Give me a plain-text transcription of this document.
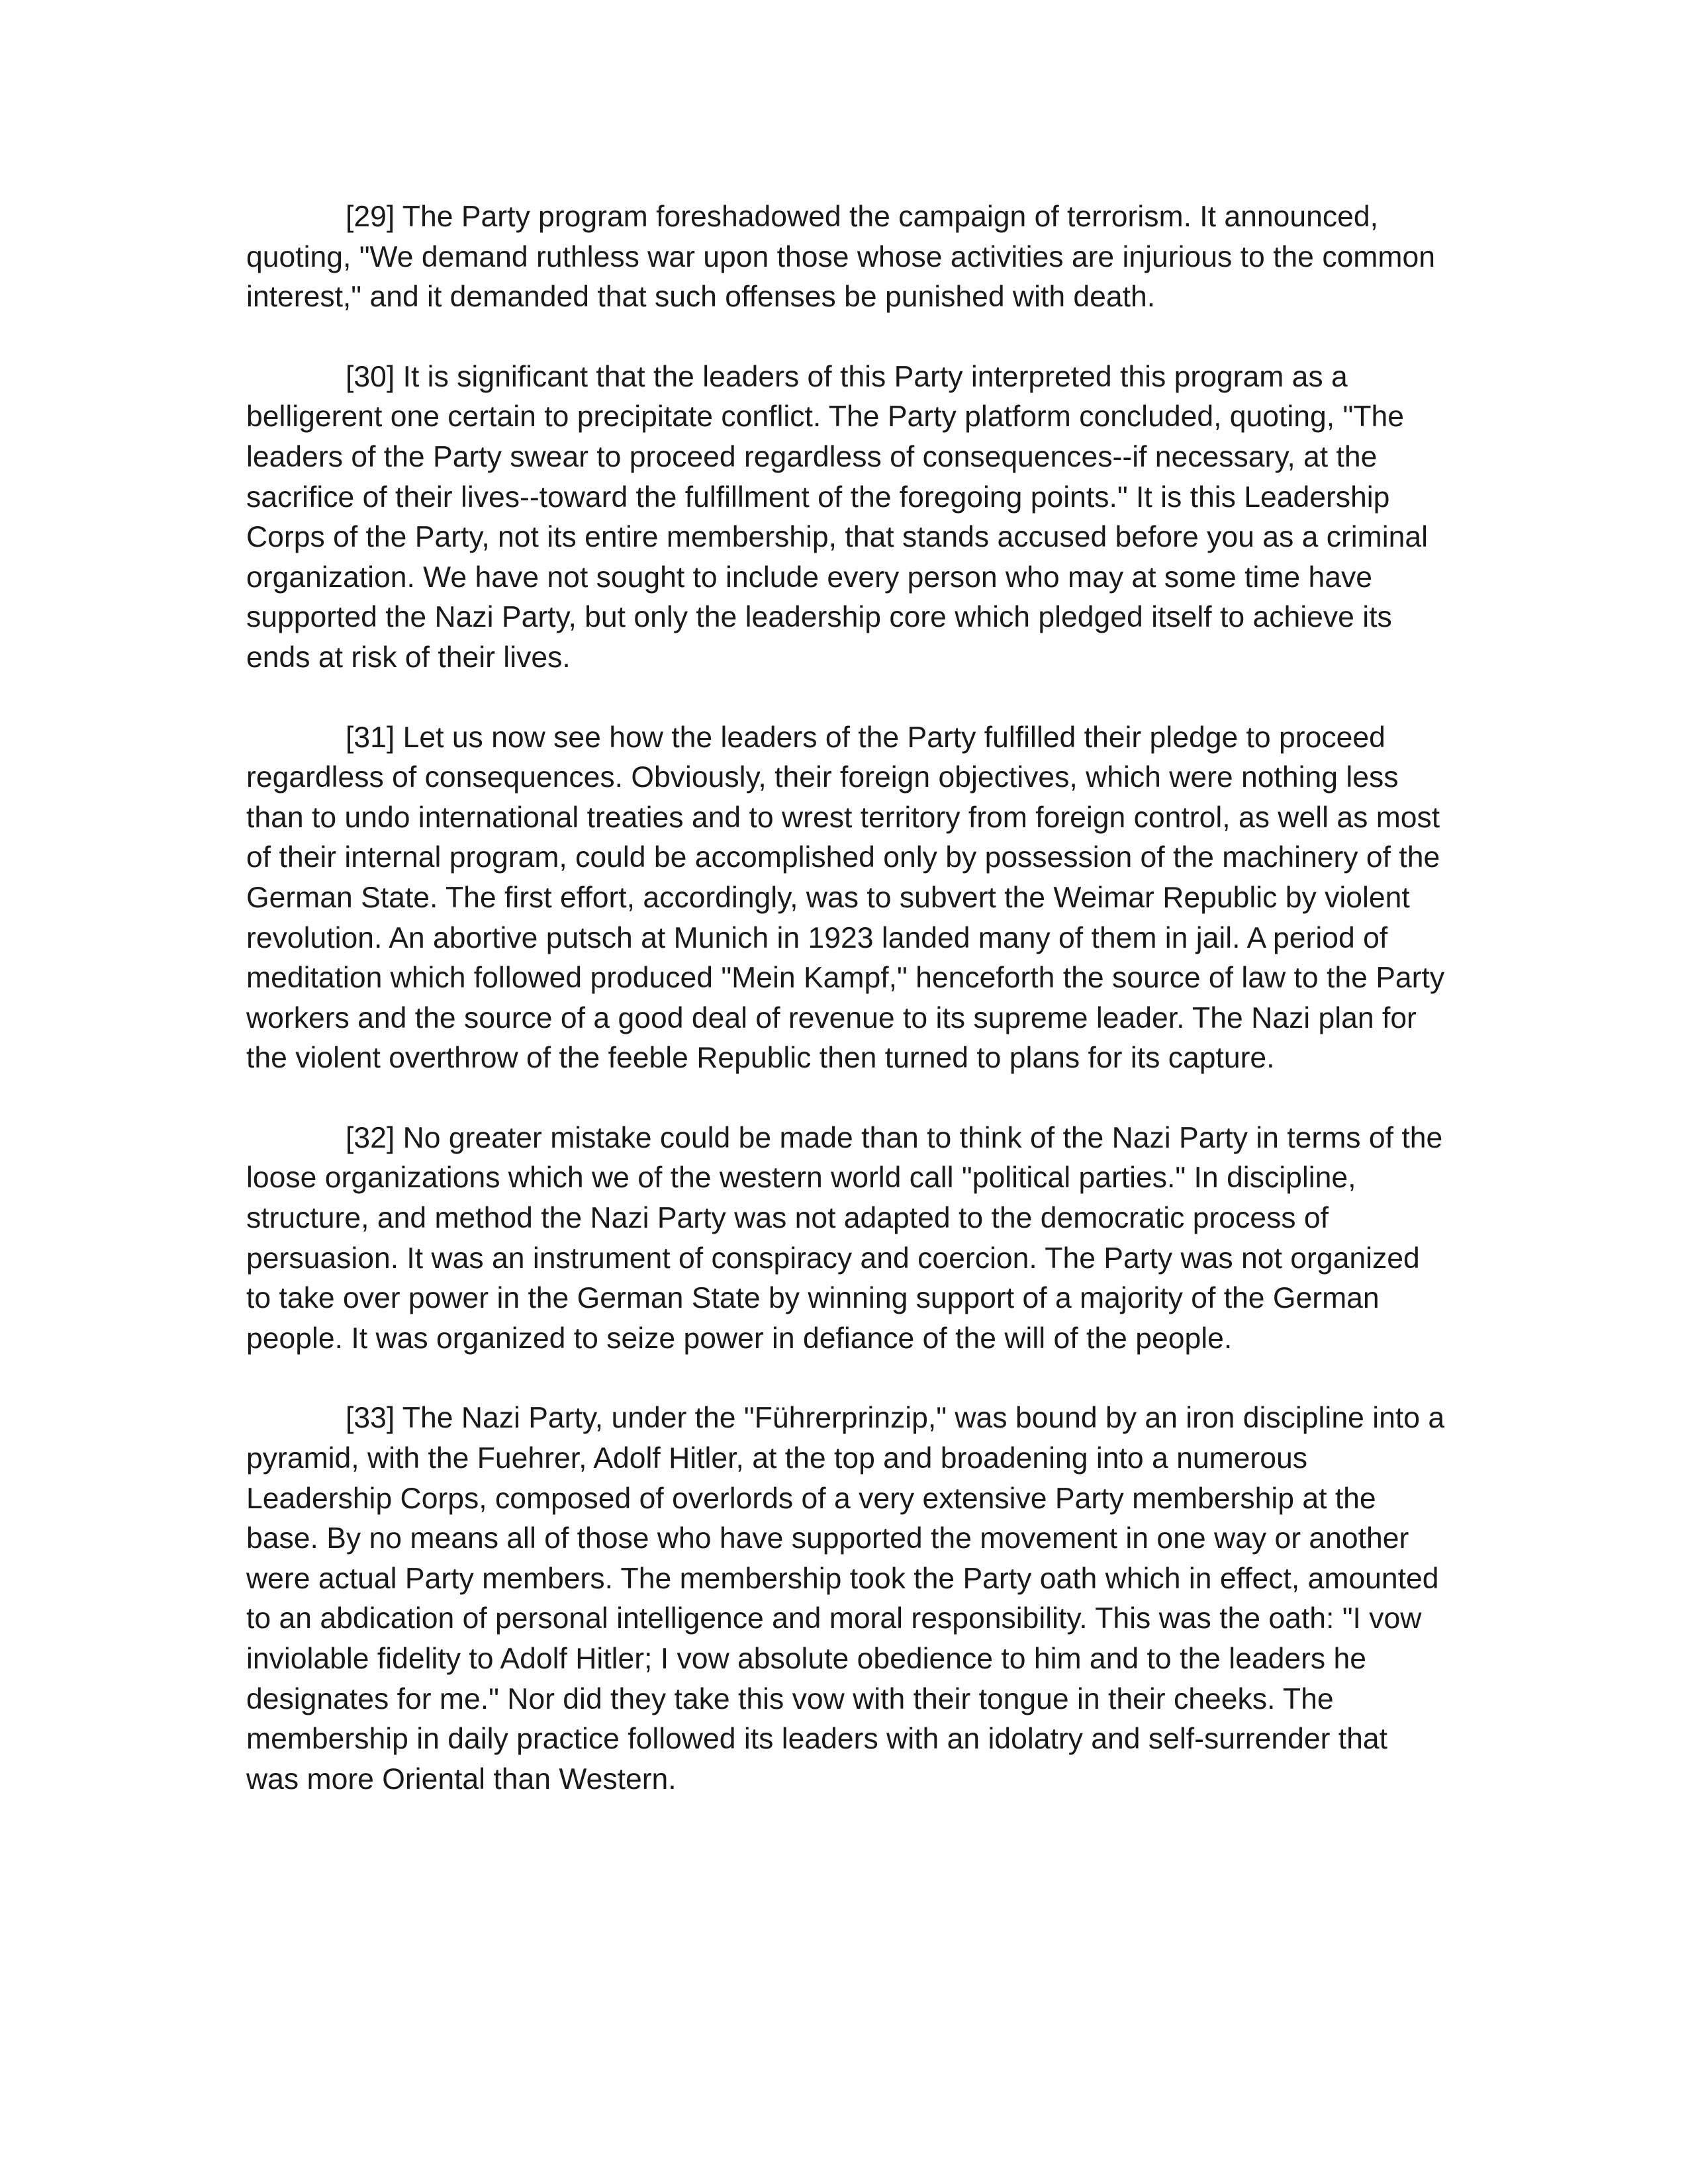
[29] The Party program foreshadowed the campaign of terrorism. It announced, quoting, "We demand ruthless war upon those whose activities are injurious to the common interest," and it demanded that such offenses be punished with death.

[30] It is significant that the leaders of this Party interpreted this program as a belligerent one certain to precipitate conflict. The Party platform concluded, quoting, "The leaders of the Party swear to proceed regardless of consequences--if necessary, at the sacrifice of their lives--toward the fulfillment of the foregoing points." It is this Leadership Corps of the Party, not its entire membership, that stands accused before you as a criminal organization. We have not sought to include every person who may at some time have supported the Nazi Party, but only the leadership core which pledged itself to achieve its ends at risk of their lives.

[31] Let us now see how the leaders of the Party fulfilled their pledge to proceed regardless of consequences. Obviously, their foreign objectives, which were nothing less than to undo international treaties and to wrest territory from foreign control, as well as most of their internal program, could be accomplished only by possession of the machinery of the German State. The first effort, accordingly, was to subvert the Weimar Republic by violent revolution. An abortive putsch at Munich in 1923 landed many of them in jail. A period of meditation which followed produced "Mein Kampf," henceforth the source of law to the Party workers and the source of a good deal of revenue to its supreme leader. The Nazi plan for the violent overthrow of the feeble Republic then turned to plans for its capture.

[32] No greater mistake could be made than to think of the Nazi Party in terms of the loose organizations which we of the western world call "political parties." In discipline, structure, and method the Nazi Party was not adapted to the democratic process of persuasion. It was an instrument of conspiracy and coercion. The Party was not organized to take over power in the German State by winning support of a majority of the German people. It was organized to seize power in defiance of the will of the people.

[33] The Nazi Party, under the "Führerprinzip," was bound by an iron discipline into a pyramid, with the Fuehrer, Adolf Hitler, at the top and broadening into a numerous Leadership Corps, composed of overlords of a very extensive Party membership at the base. By no means all of those who have supported the movement in one way or another were actual Party members. The membership took the Party oath which in effect, amounted to an abdication of personal intelligence and moral responsibility. This was the oath: "I vow inviolable fidelity to Adolf Hitler; I vow absolute obedience to him and to the leaders he designates for me." Nor did they take this vow with their tongue in their cheeks. The membership in daily practice followed its leaders with an idolatry and self-surrender that was more Oriental than Western.
